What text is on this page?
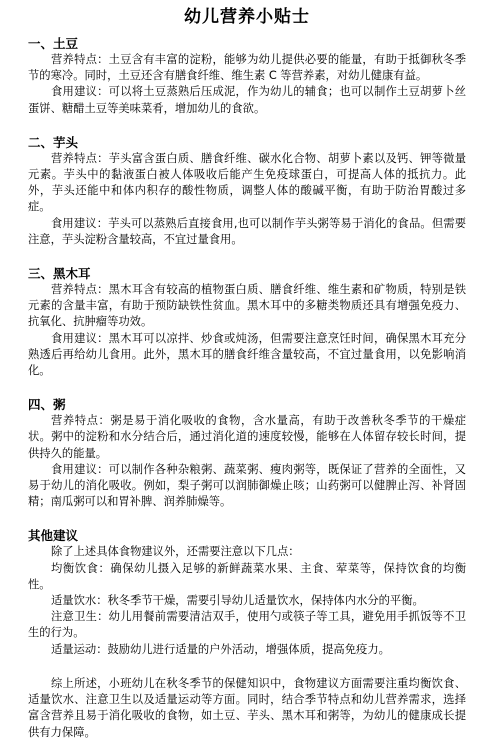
幼儿营养小贴士
一、土豆

营养特点：土豆含有丰富的淀粉，能够为幼儿提供必要的能量，有助于抵御秋冬季节的寒冷。同时，土豆还含有膳食纤维、维生素 C 等营养素，对幼儿健康有益。

食用建议：可以将土豆蒸熟后压成泥，作为幼儿的辅食；也可以制作土豆胡萝卜丝蛋饼、糖醋土豆等美味菜肴，增加幼儿的食欲。

二、芋头

营养特点：芋头富含蛋白质、膳食纤维、碳水化合物、胡萝卜素以及钙、钾等微量元素。芋头中的黏液蛋白被人体吸收后能产生免疫球蛋白，可提高人体的抵抗力。此外，芋头还能中和体内积存的酸性物质，调整人体的酸碱平衡，有助于防治胃酸过多症。

食用建议：芋头可以蒸熟后直接食用,也可以制作芋头粥等易于消化的食品。但需要注意，芋头淀粉含量较高，不宜过量食用。

三、黑木耳

营养特点：黑木耳含有较高的植物蛋白质、膳食纤维、维生素和矿物质，特别是铁元素的含量丰富，有助于预防缺铁性贫血。黑木耳中的多糖类物质还具有增强免疫力、抗氧化、抗肿瘤等功效。

食用建议：黑木耳可以凉拌、炒食或炖汤，但需要注意烹饪时间，确保黑木耳充分熟透后再给幼儿食用。此外，黑木耳的膳食纤维含量较高，不宜过量食用，以免影响消化。

四、粥

营养特点：粥是易于消化吸收的食物，含水量高，有助于改善秋冬季节的干燥症状。粥中的淀粉和水分结合后，通过消化道的速度较慢，能够在人体留存较长时间，提供持久的能量。

食用建议：可以制作各种杂粮粥、蔬菜粥、瘦肉粥等，既保证了营养的全面性，又易于幼儿的消化吸收。例如，梨子粥可以润肺御燥止咳；山药粥可以健脾止泻、补肾固精；南瓜粥可以和胃补脾、润养肺燥等。

其他建议

除了上述具体食物建议外，还需要注意以下几点：

均衡饮食：确保幼儿摄入足够的新鲜蔬菜水果、主食、荤菜等，保持饮食的均衡性。

适量饮水：秋冬季节干燥，需要引导幼儿适量饮水，保持体内水分的平衡。

注意卫生：幼儿用餐前需要清洁双手，使用勺或筷子等工具，避免用手抓饭等不卫生的行为。

适量运动：鼓励幼儿进行适量的户外活动，增强体质，提高免疫力。

综上所述，小班幼儿在秋冬季节的保健知识中，食物建议方面需要注重均衡饮食、适量饮水、注意卫生以及适量运动等方面。同时，结合季节特点和幼儿营养需求，选择富含营养且易于消化吸收的食物，如土豆、芋头、黑木耳和粥等，为幼儿的健康成长提供有力保障。
